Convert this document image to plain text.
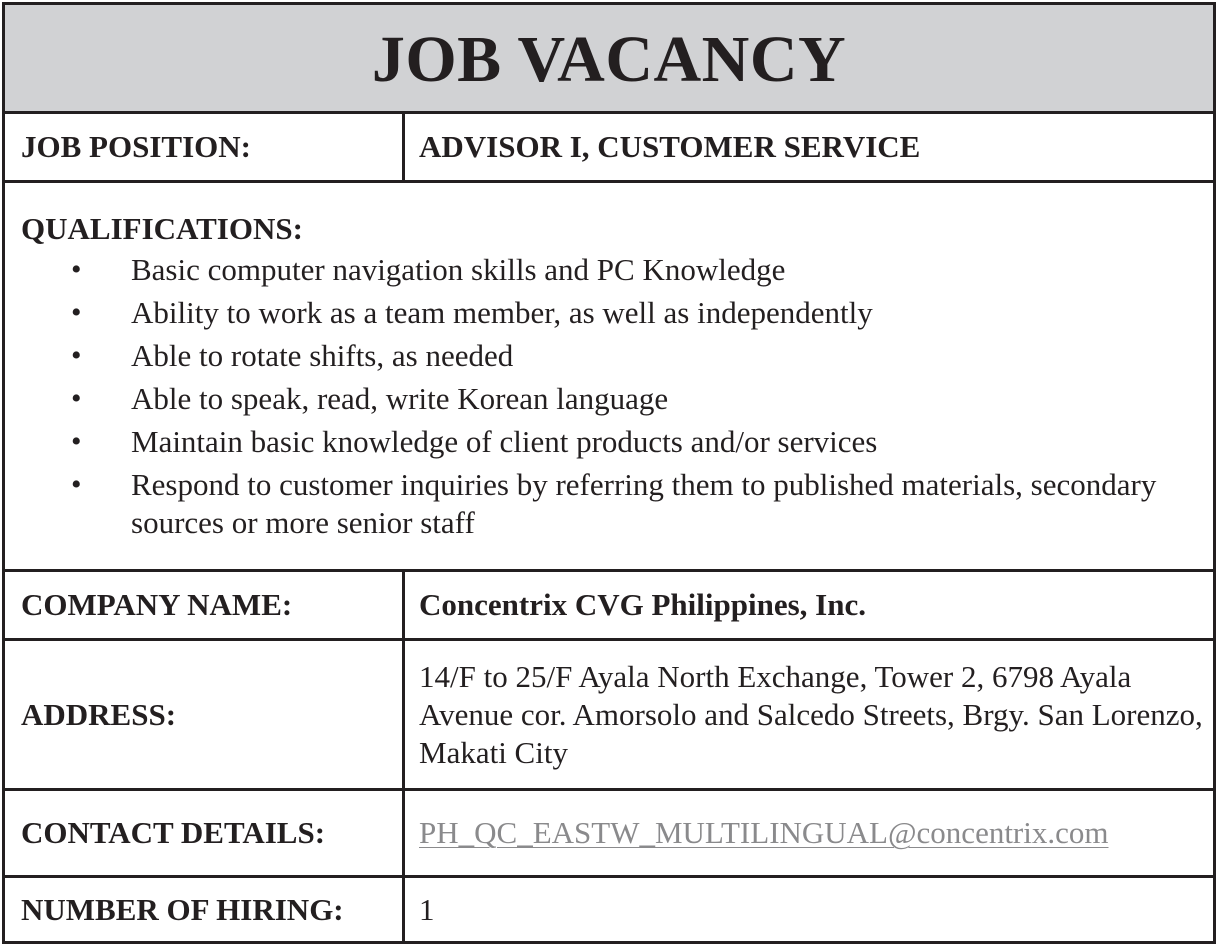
JOB VACANCY
JOB POSITION:	ADVISOR I, CUSTOMER SERVICE
QUALIFICATIONS:
•	Basic computer navigation skills and PC Knowledge
•	Ability to work as a team member, as well as independently
•	Able to rotate shifts, as needed
•	Able to speak, read, write Korean language
•	Maintain basic knowledge of client products and/or services
•	Respond to customer inquiries by referring them to published materials, secondary sources or more senior staff
COMPANY NAME:	Concentrix CVG Philippines, Inc.
ADDRESS:
14/F to 25/F Ayala North Exchange, Tower 2, 6798 Ayala Avenue cor. Amorsolo and Salcedo Streets, Brgy. San Lorenzo, Makati City
CONTACT DETAILS:	PH_QC_EASTW_MULTILINGUAL@concentrix.com
NUMBER OF HIRING:	1
